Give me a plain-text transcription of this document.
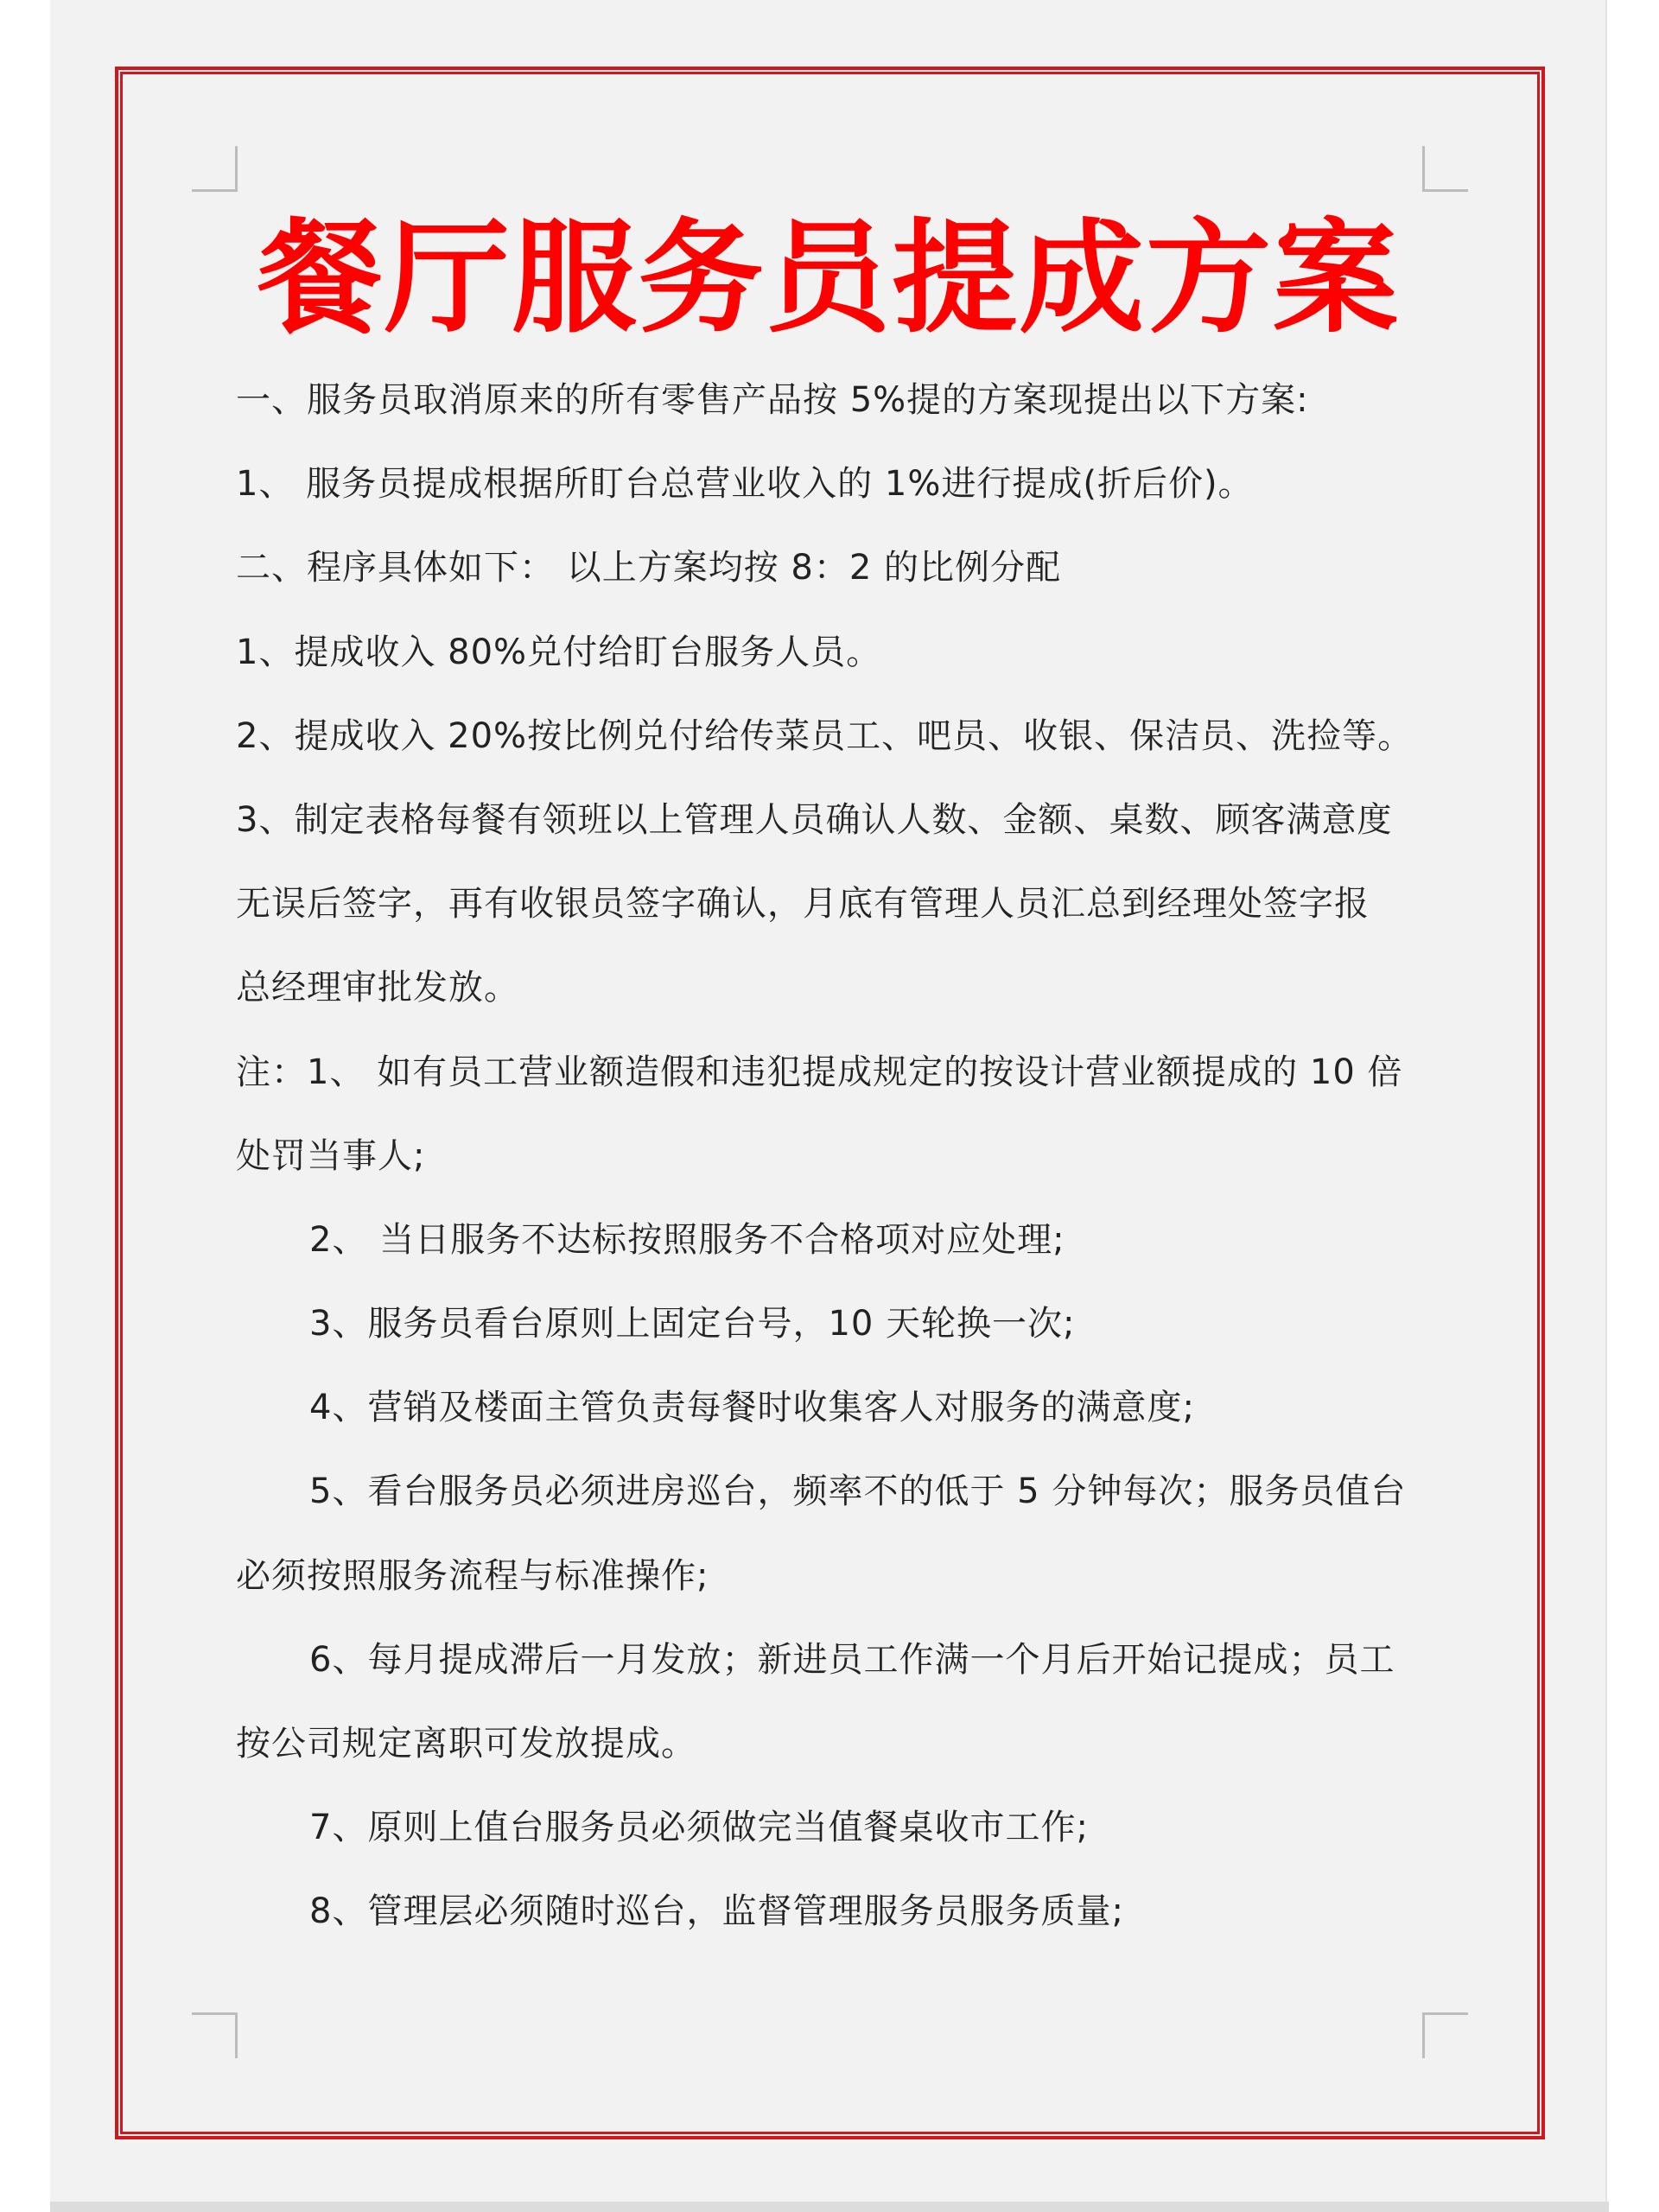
餐厅服务员提成方案
一、服务员取消原来的所有零售产品按 5%提的方案现提出以下方案:
1、 服务员提成根据所盯台总营业收入的 1%进行提成(折后价)。
二、程序具体如下： 以上方案均按 8：2 的比例分配
1、提成收入 80%兑付给盯台服务人员。
2、提成收入 20%按比例兑付给传菜员工、吧员、收银、保洁员、洗捡等。
3、制定表格每餐有领班以上管理人员确认人数、金额、桌数、顾客满意度
无误后签字，再有收银员签字确认，月底有管理人员汇总到经理处签字报
总经理审批发放。
注：1、 如有员工营业额造假和违犯提成规定的按设计营业额提成的 10 倍
处罚当事人;
2、 当日服务不达标按照服务不合格项对应处理;
3、服务员看台原则上固定台号，10 天轮换一次;
4、营销及楼面主管负责每餐时收集客人对服务的满意度;
5、看台服务员必须进房巡台，频率不的低于 5 分钟每次；服务员值台
必须按照服务流程与标准操作;
6、每月提成滞后一月发放；新进员工作满一个月后开始记提成；员工
按公司规定离职可发放提成。
7、原则上值台服务员必须做完当值餐桌收市工作;
8、管理层必须随时巡台，监督管理服务员服务质量;
